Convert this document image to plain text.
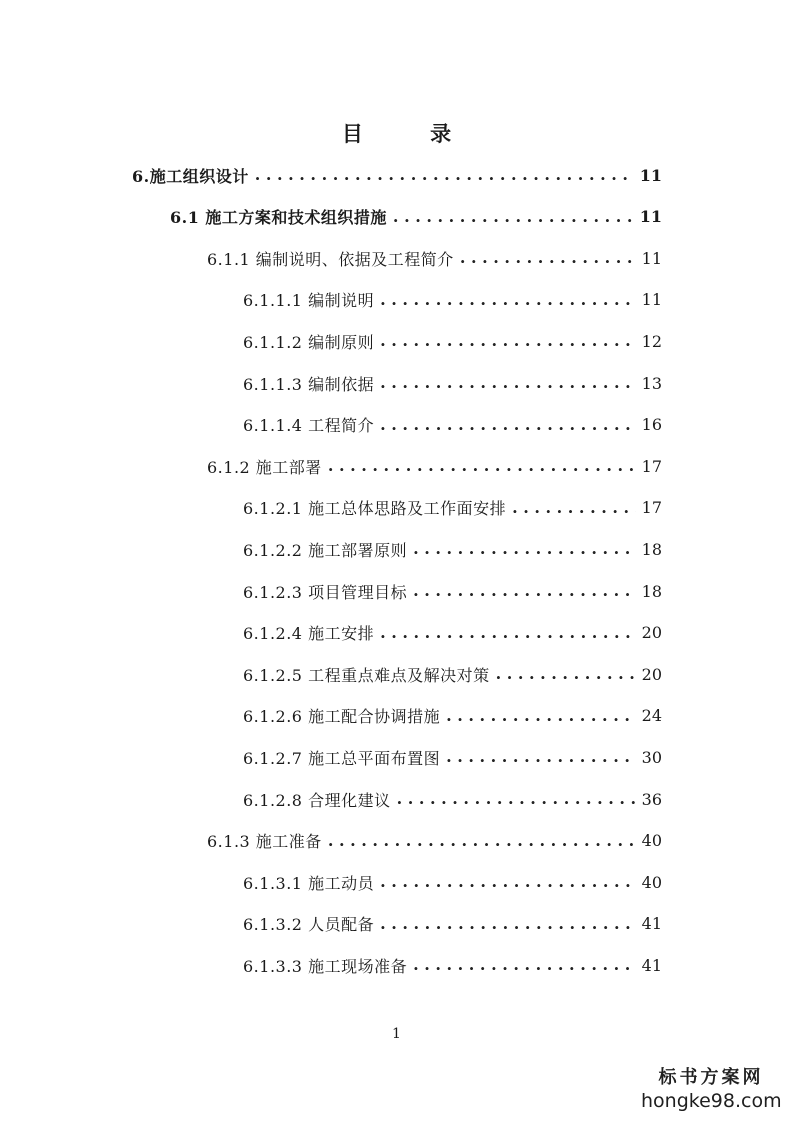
目 录
6.施工组织设计 . . .	11
6.1 施工方案和技术组织措施 . . .	11
6.1.1 编制说明、依据及工程简介 . . .	11
6.1.1.1 编制说明 . . .	11
6.1.1.2 编制原则 . . .	12
6.1.1.3 编制依据 . . .	13
6.1.1.4 工程简介 . . .	16
6.1.2 施工部署 . . .	17
6.1.2.1 施工总体思路及工作面安排 . . .	17
6.1.2.2 施工部署原则 . . .	18
6.1.2.3 项目管理目标 . . .	18
6.1.2.4 施工安排 . . .	20
6.1.2.5 工程重点难点及解决对策 . . .	20
6.1.2.6 施工配合协调措施 . . .	24
6.1.2.7 施工总平面布置图 . . .	30
6.1.2.8 合理化建议 . . .	36
6.1.3 施工准备 . . .	40
6.1.3.1 施工动员 . . .	40
6.1.3.2 人员配备 . . .	41
6.1.3.3 施工现场准备 . . .	41
1
标书方案网
hongke98.com
